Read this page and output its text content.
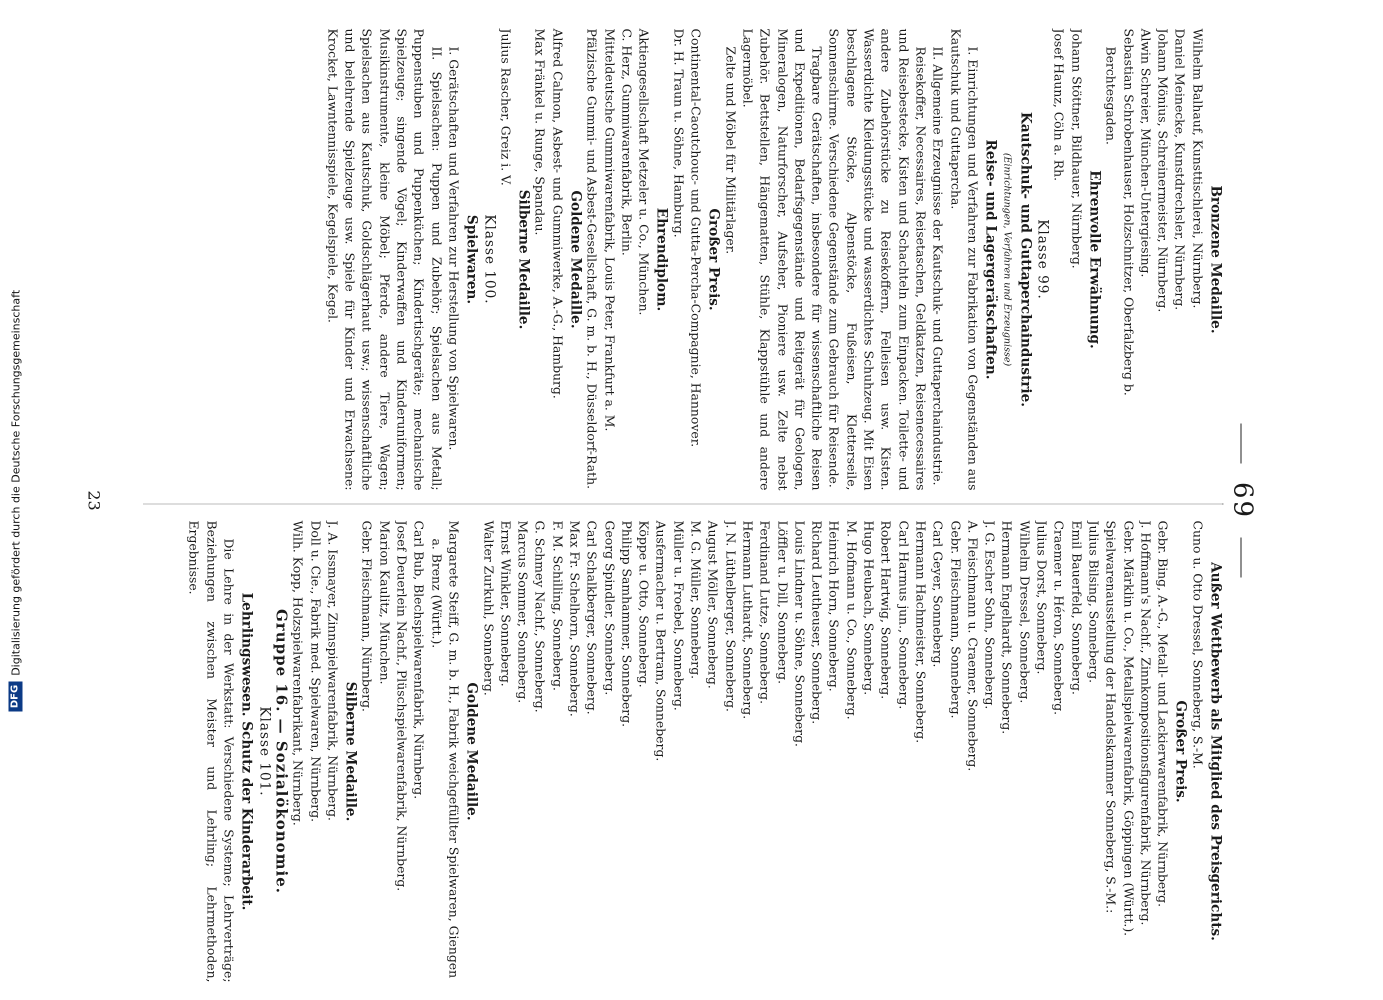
69

Bronzene Medaille.

Wilhelm Balhauf, Kunsttischlerei, Nürnberg.

Daniel Meinecke, Kunstdrechsler, Nürnberg.

Johann Mönius, Schreinermeister, Nürnberg.

Alwin Schreier, München-Untergiesing.

Sebastian Schrobenhauser, Holzschnitzer, Oberfalzberg b. Berchtesgaden.

Ehrenvolle Erwähnung.

Johann Stöttner, Bildhauer, Nürnberg.

Josef Haunz, Cöln a. Rh.

Klasse 99.

Kautschuk- und Guttaperchaindustrie.

(Einrichtungen, Verfahren und Erzeugnisse)

Reise- und Lagergerätschaften.

I. Einrichtungen und Verfahren zur Fabrikation von Gegenständen aus Kautschuk und Guttapercha.

II. Allgemeine Erzeugnisse der Kautschuk- und Guttaperchaindustrie.

Reisekoffer, Necessaires, Reisetaschen, Geldkatzen, Reisenecessaires und Reisebestecke, Kisten und Schachteln zum Einpacken. Toilette- und andere Zubehörstücke zu Reisekoffern, Felleisen usw. Kisten. Wasserdichte Kleidungsstücke und wasserdichtes Schuhzeug. Mit Eisen beschlagene Stöcke, Alpenstöcke, Fußeisen, Kletterseile, Sonnenschirme. Verschiedene Gegenstände zum Gebrauch für Reisende.

Tragbare Gerätschaften, insbesondere für wissenschaftliche Reisen und Expeditionen, Bedarfsgegenstände und Reitgerät für Geologen, Mineralogen, Naturforscher, Aufseher, Pioniere usw. Zelte nebst Zubehör. Bettstellen, Hängematten, Stühle, Klappstühle und andere Lagermöbel.

Zelte und Möbel für Militärlager.

Großer Preis.

Continental-Caoutchouc- und Gutta-Percha-Compagnie, Hannover.

Dr. H. Traun u. Söhne, Hamburg.

Ehrendiplom.

Aktiengesellschaft Metzeler u. Co., München.

C. Herz, Gummiwarenfabrik, Berlin.

Mitteldeutsche Gummiwarenfabrik, Louis Peter, Frankfurt a. M.

Pfälzische Gummi- und Asbest-Gesellschaft, G. m. b. H., Düsseldorf-Rath.

Goldene Medaille.

Alfred Calmon, Asbest- und Gummiwerke, A.-G., Hamburg.

Max Fränkel u. Runge, Spandau.

Silberne Medaille.

Julius Rascher, Greiz i. V.

Klasse 100.

Spielwaren.

I. Gerätschaften und Verfahren zur Herstellung von Spielwaren.

II. Spielsachen: Puppen und Zubehör; Spielsachen aus Metall; Puppenstuben und Puppenküchen; Kindertischgeräte; mechanische Spielzeuge; singende Vögel; Kinderwaffen und Kinderuniformen; Musikinstrumente, kleine Möbel; Pferde, andere Tiere, Wagen; Spielsachen aus Kautschuk, Goldschlägerhaut usw.; wissenschaftliche und belehrende Spielzeuge usw. Spiele für Kinder und Erwachsene: Krocket, Lawntennisspiele, Kegelspiele, Kegel.

Außer Wettbewerb als Mitglied des Preisgerichts.

Cuno u. Otto Dressel, Sonneberg, S.-M.

Großer Preis.

Gebr. Bing, A.-G., Metall- und Lackierwarenfabrik, Nürnberg.

J. Hoffmann's Nachf., Zinnkompositionsfigurenfabrik, Nürnberg.

Gebr. Märklin u. Co., Metallspielwarenfabrik, Göppingen (Württ.).

Spielwarenausstellung der Handelskammer Sonneberg, S.-M.:

Julius Bilsing, Sonneberg.

Emil Bauerfeld, Sonneberg.

Craemer u. Héron, Sonneberg.

Julius Dorst, Sonneberg.

Wilhelm Dressel, Sonneberg.

Hermann Engelhardt, Sonneberg.

J. G. Escher Sohn, Sonneberg.

A. Fleischmann u. Craemer, Sonneberg.

Gebr. Fleischmann, Sonneberg.

Carl Geyer, Sonneberg.

Hermann Hachmeister, Sonneberg.

Carl Harmus jun., Sonneberg.

Robert Hartwig, Sonneberg.

Hugo Heubach, Sonneberg.

M. Hofmann u. Co., Sonneberg.

Heinrich Horn, Sonneberg.

Richard Leutheuser, Sonneberg.

Louis Lindner u. Söhne, Sonneberg.

Löffler u. Dill, Sonneberg.

Ferdinand Lutze, Sonneberg.

Hermann Luthardt, Sonneberg.

J. N. Lüthelberger, Sonneberg.

August Möller, Sonneberg.

M. G. Müller, Sonneberg.

Müller u. Froebel, Sonneberg.

Ausfermacher u. Bertram, Sonneberg.

Köppe u. Otto, Sonneberg.

Philipp Samhammer, Sonneberg.

Georg Spindler, Sonneberg.

Carl Schalkberger, Sonneberg.

Max Fr. Schelhorn, Sonneberg.

F. M. Schilling, Sonneberg.

G. Schmey Nachf., Sonneberg.

Marcus Sommer, Sonneberg.

Ernst Winkler, Sonneberg.

Walter Zurkuhl, Sonneberg.

Goldene Medaille.

Margarete Steiff, G. m. b. H., Fabrik weichgefüllter Spielwaren, Giengen a. Brenz (Württ.).

Carl Bub, Blechspielwarenfabrik, Nürnberg.

Josef Deuerlein Nachf., Plüschspielwarenfabrik, Nürnberg.

Marion Kaulitz, München.

Gebr. Fleischmann, Nürnberg.

Silberne Medaille.

J. A. Issmayer, Zinnspielwarenfabrik, Nürnberg.

Doll u. Cie., Fabrik med. Spielwaren, Nürnberg.

Wilh. Kopp, Holzspielwarenfabrikant, Nürnberg.

Gruppe 16. — Sozialökonomie.

Klasse 101.

Lehrlingswesen. Schutz der Kinderarbeit.

Die Lehre in der Werkstatt: Verschiedene Systeme; Lehrverträge; Beziehungen zwischen Meister und Lehrling; Lehrmethoden, Ergebnisse.

23
DFG
Digitalisierung gefördert durch die Deutsche Forschungsgemeinschaft
